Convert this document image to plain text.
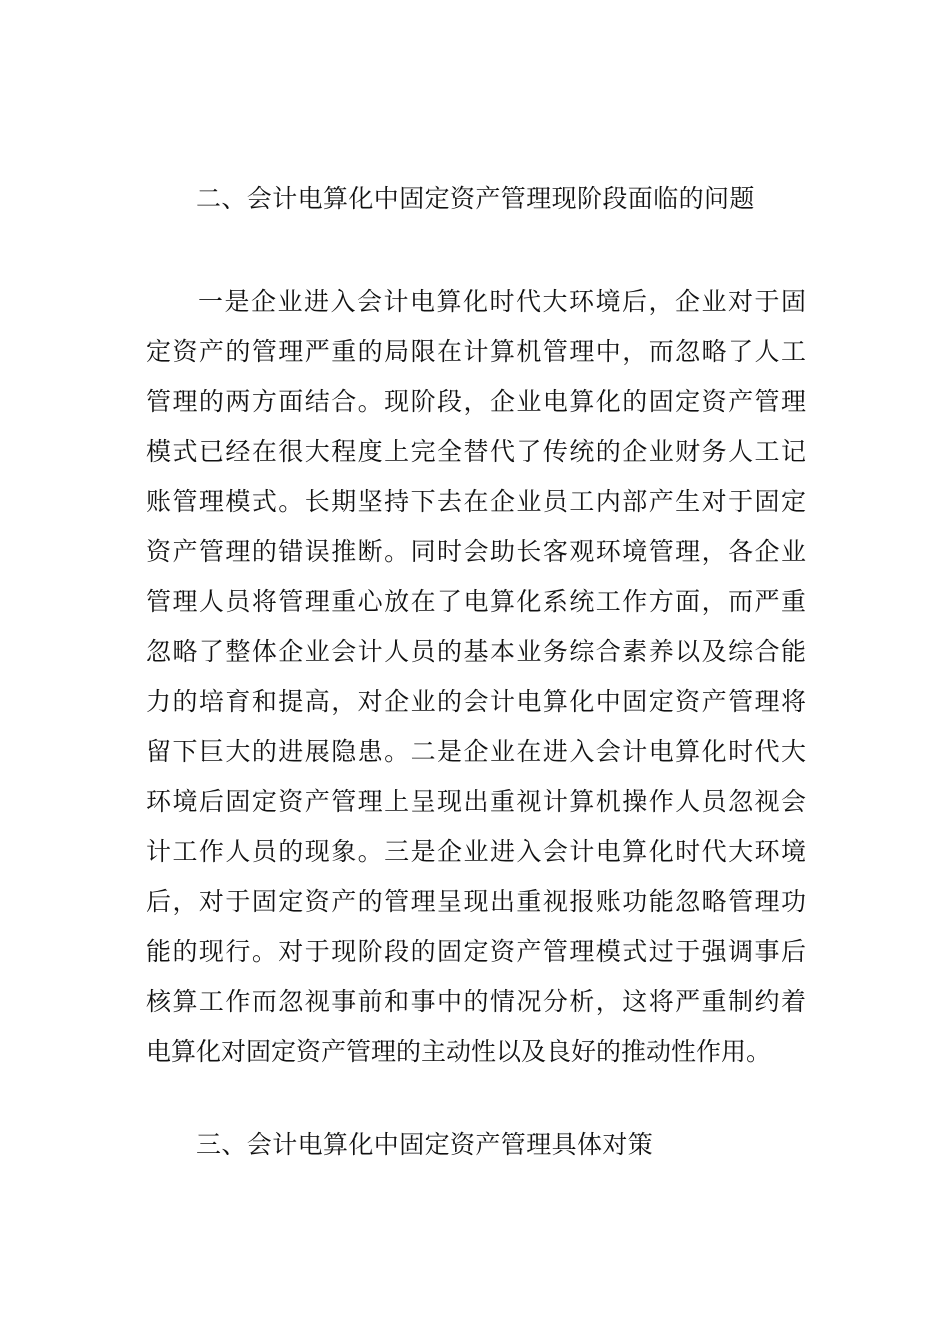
二、会计电算化中固定资产管理现阶段面临的问题
一是企业进入会计电算化时代大环境后，企业对于固
定资产的管理严重的局限在计算机管理中，而忽略了人工
管理的两方面结合。现阶段，企业电算化的固定资产管理
模式已经在很大程度上完全替代了传统的企业财务人工记
账管理模式。长期坚持下去在企业员工内部产生对于固定
资产管理的错误推断。同时会助长客观环境管理，各企业
管理人员将管理重心放在了电算化系统工作方面，而严重
忽略了整体企业会计人员的基本业务综合素养以及综合能
力的培育和提高，对企业的会计电算化中固定资产管理将
留下巨大的进展隐患。二是企业在进入会计电算化时代大
环境后固定资产管理上呈现出重视计算机操作人员忽视会
计工作人员的现象。三是企业进入会计电算化时代大环境
后，对于固定资产的管理呈现出重视报账功能忽略管理功
能的现行。对于现阶段的固定资产管理模式过于强调事后
核算工作而忽视事前和事中的情况分析，这将严重制约着
电算化对固定资产管理的主动性以及良好的推动性作用。
三、会计电算化中固定资产管理具体对策
